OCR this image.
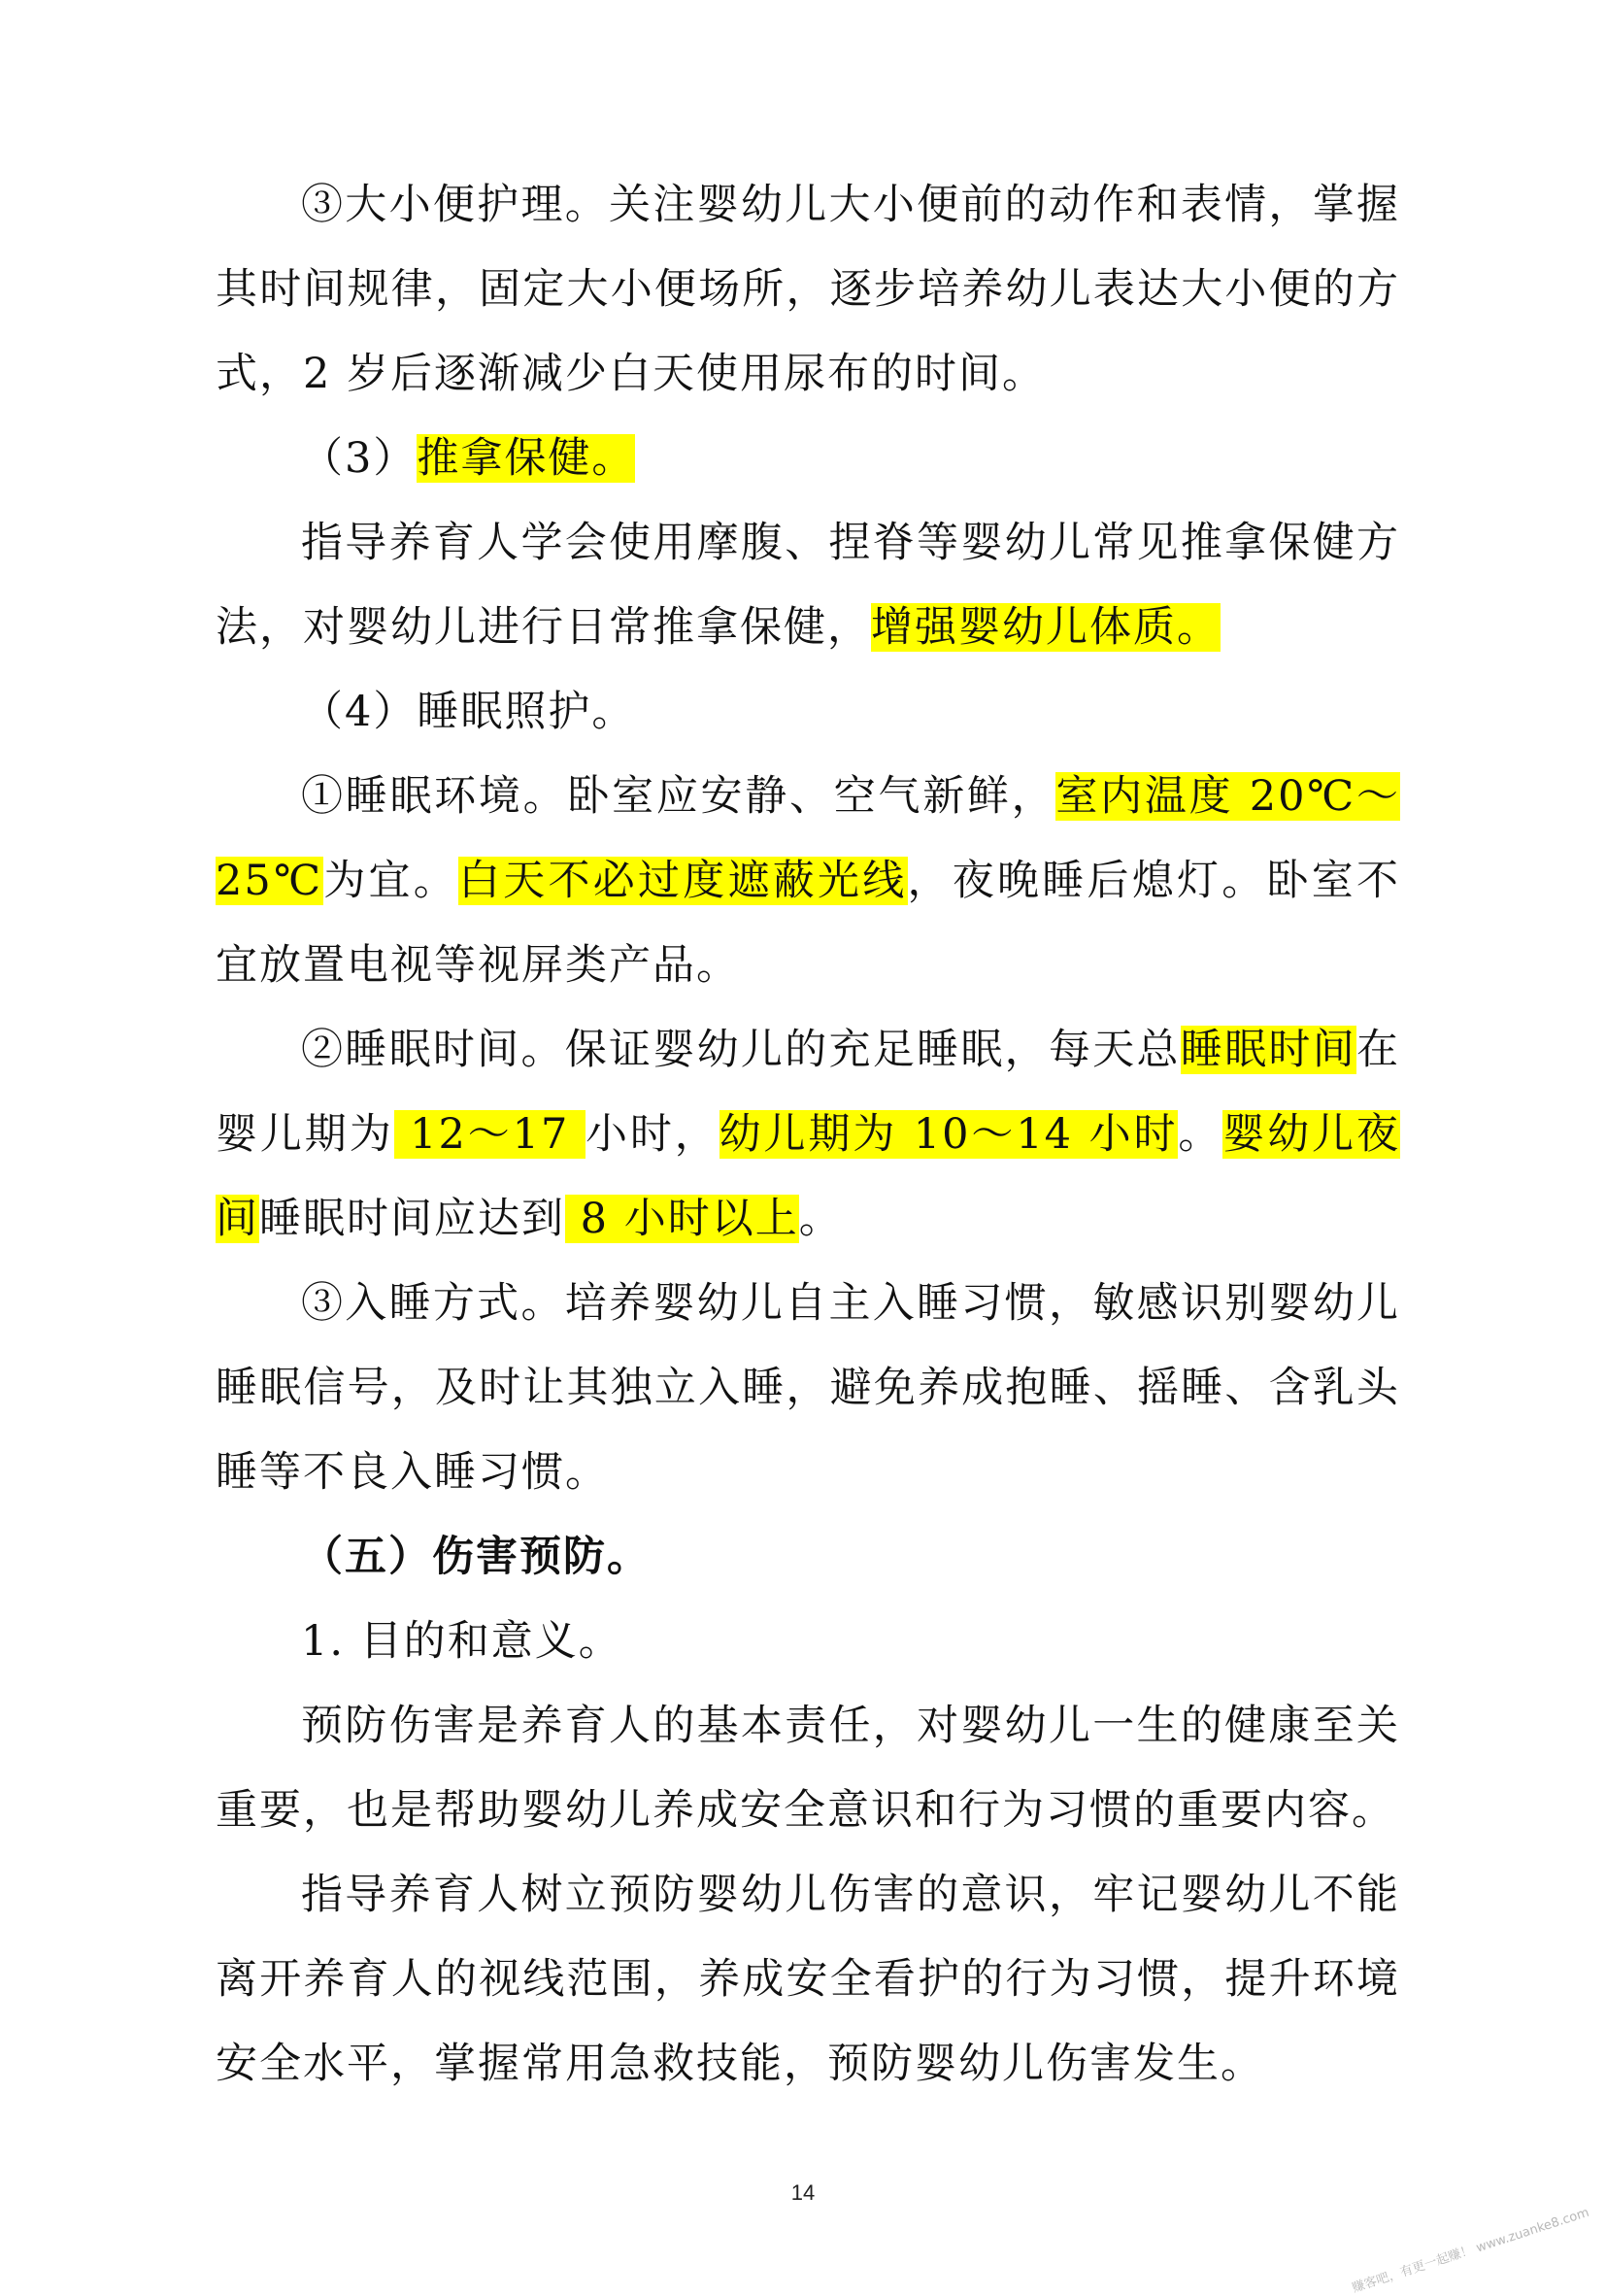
③大小便护理。关注婴幼儿大小便前的动作和表情，掌握其时间规律，固定大小便场所，逐步培养幼儿表达大小便的方式，2 岁后逐渐减少白天使用尿布的时间。

（3）推拿保健。

指导养育人学会使用摩腹、捏脊等婴幼儿常见推拿保健方法，对婴幼儿进行日常推拿保健，增强婴幼儿体质。

（4）睡眠照护。

①睡眠环境。卧室应安静、空气新鲜，室内温度 20℃～25℃为宜。白天不必过度遮蔽光线，夜晚睡后熄灯。卧室不宜放置电视等视屏类产品。

②睡眠时间。保证婴幼儿的充足睡眠，每天总睡眠时间在婴儿期为 12～17 小时，幼儿期为 10～14 小时。婴幼儿夜间睡眠时间应达到 8 小时以上。

③入睡方式。培养婴幼儿自主入睡习惯，敏感识别婴幼儿睡眠信号，及时让其独立入睡，避免养成抱睡、摇睡、含乳头睡等不良入睡习惯。

（五）伤害预防。

1. 目的和意义。

预防伤害是养育人的基本责任，对婴幼儿一生的健康至关重要，也是帮助婴幼儿养成安全意识和行为习惯的重要内容。

指导养育人树立预防婴幼儿伤害的意识，牢记婴幼儿不能离开养育人的视线范围，养成安全看护的行为习惯，提升环境安全水平，掌握常用急救技能，预防婴幼儿伤害发生。

14
赚客吧，有更一起赚！ www.zuanke8.com
